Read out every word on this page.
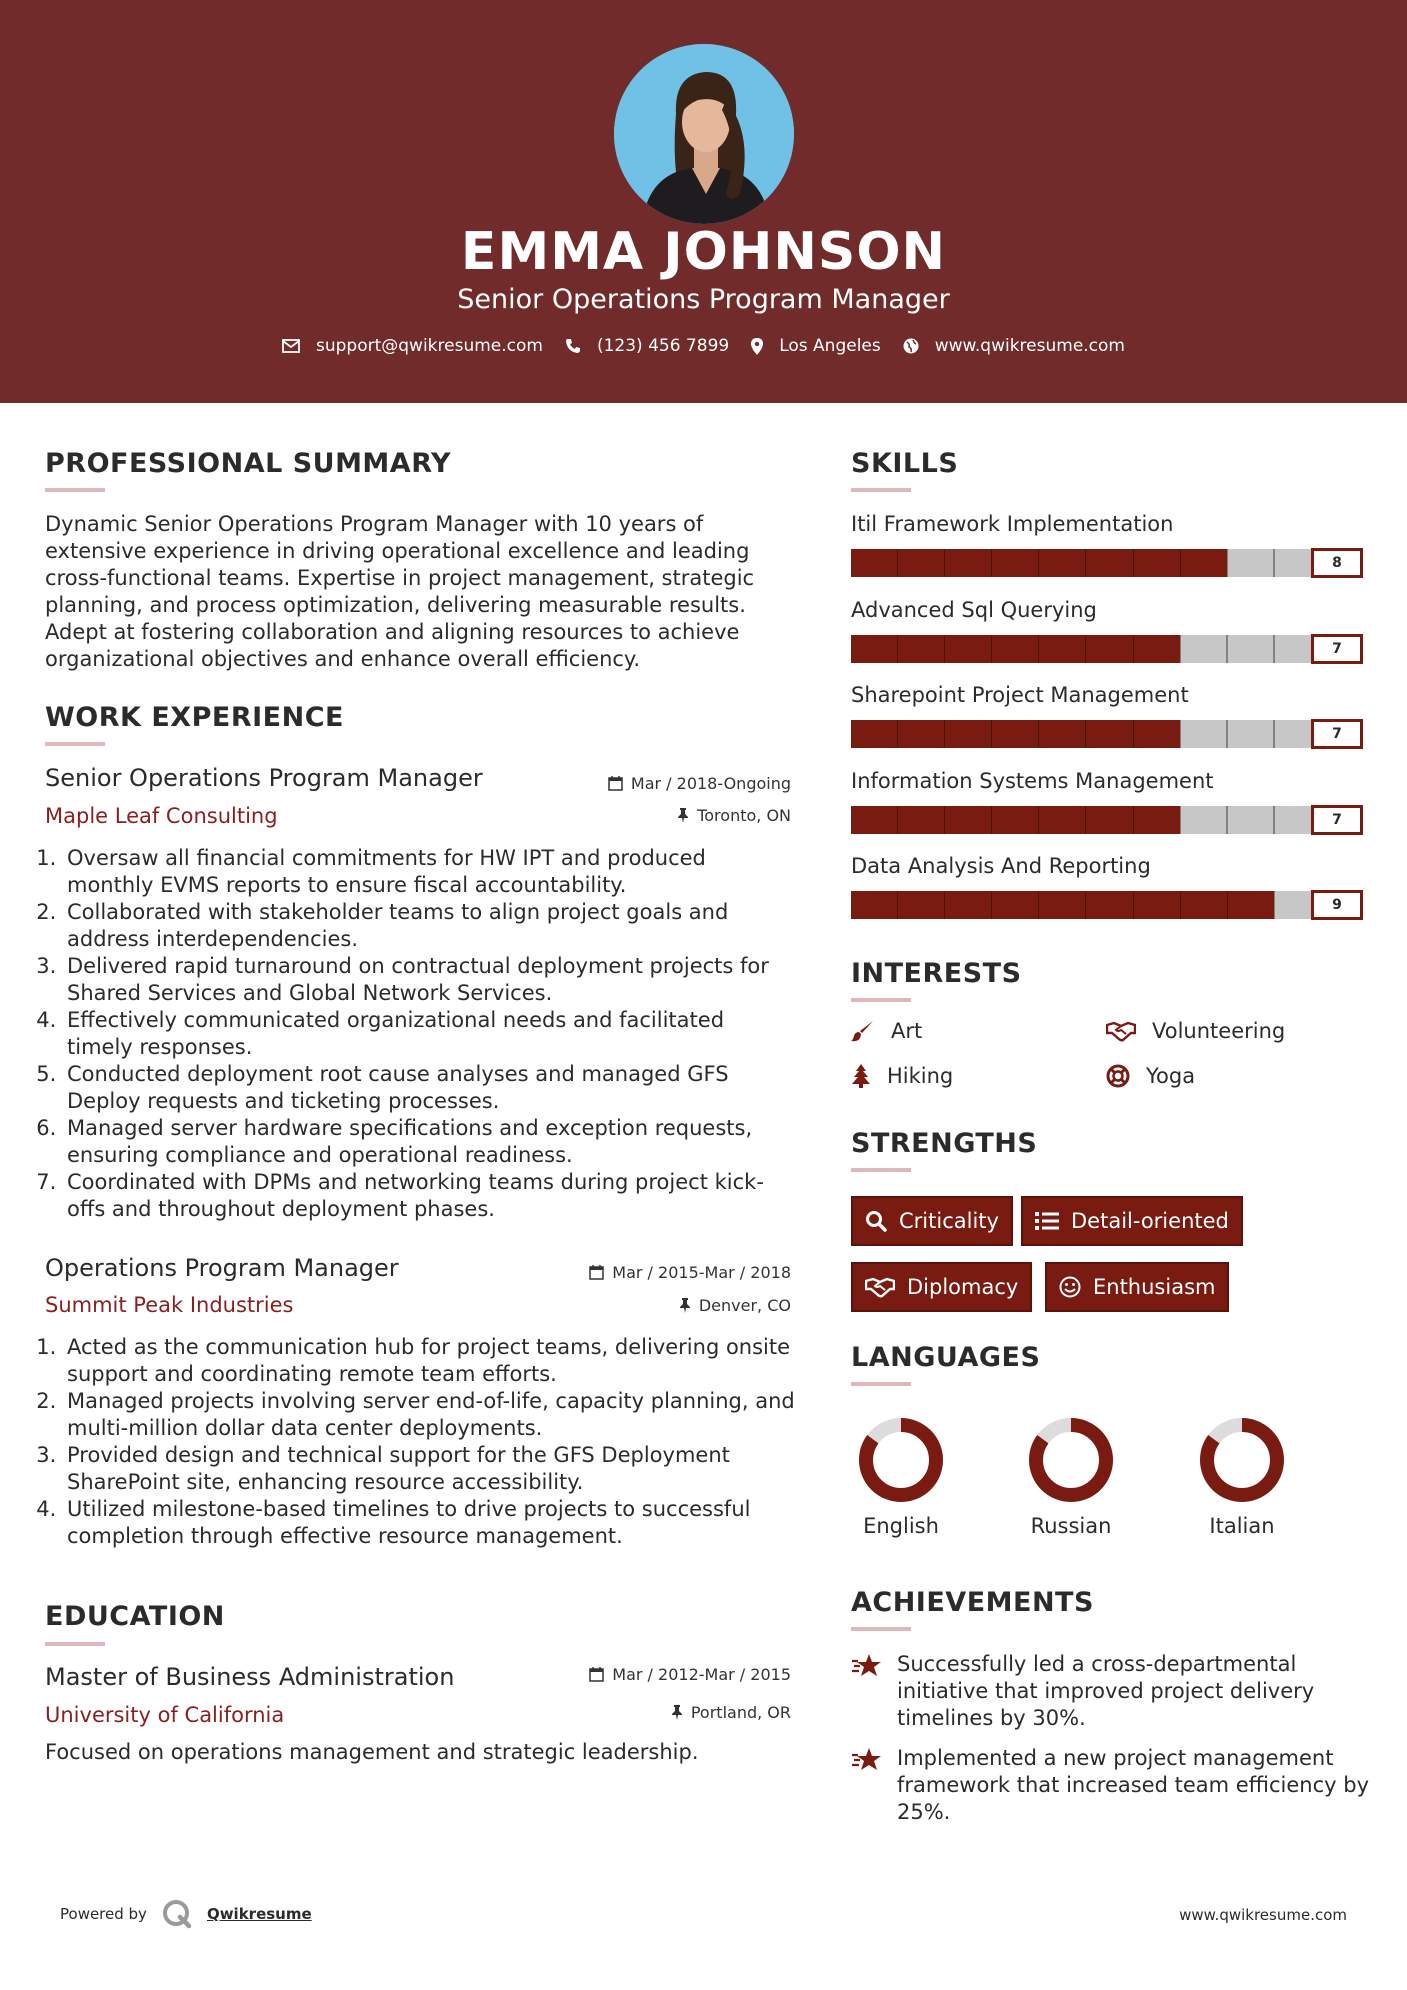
EMMA JOHNSON
Senior Operations Program Manager
support@qwikresume.com	(123) 456 7899	Los Angeles	www.qwikresume.com
PROFESSIONAL SUMMARY
Dynamic Senior Operations Program Manager with 10 years of
extensive experience in driving operational excellence and leading
cross-functional teams. Expertise in project management, strategic
planning, and process optimization, delivering measurable results.
Adept at fostering collaboration and aligning resources to achieve
organizational objectives and enhance overall efficiency.
WORK EXPERIENCE
Senior Operations Program Manager
Maple Leaf Consulting
Mar / 2018-Ongoing
Toronto, ON
1. Oversaw all financial commitments for HW IPT and produced monthly EVMS reports to ensure fiscal accountability.
2. Collaborated with stakeholder teams to align project goals and address interdependencies.
3. Delivered rapid turnaround on contractual deployment projects for Shared Services and Global Network Services.
4. Effectively communicated organizational needs and facilitated timely responses.
5. Conducted deployment root cause analyses and managed GFS Deploy requests and ticketing processes.
6. Managed server hardware specifications and exception requests, ensuring compliance and operational readiness.
7. Coordinated with DPMs and networking teams during project kick-offs and throughout deployment phases.
Operations Program Manager
Summit Peak Industries
Mar / 2015-Mar / 2018
Denver, CO
1. Acted as the communication hub for project teams, delivering onsite support and coordinating remote team efforts.
2. Managed projects involving server end-of-life, capacity planning, and multi-million dollar data center deployments.
3. Provided design and technical support for the GFS Deployment SharePoint site, enhancing resource accessibility.
4. Utilized milestone-based timelines to drive projects to successful completion through effective resource management.
EDUCATION
Master of Business Administration
University of California
Mar / 2012-Mar / 2015
Portland, OR
Focused on operations management and strategic leadership.
SKILLS
Itil Framework Implementation
8
Advanced Sql Querying
7
Sharepoint Project Management
7
Information Systems Management
7
Data Analysis And Reporting
9
INTERESTS
Art	Volunteering
Hiking	Yoga
STRENGTHS
Criticality	Detail-oriented
Diplomacy	Enthusiasm
LANGUAGES
English	Russian	Italian
ACHIEVEMENTS
Successfully led a cross-departmental initiative that improved project delivery timelines by 30%.
Implemented a new project management framework that increased team efficiency by 25%.
Powered by	Qwikresume	www.qwikresume.com
